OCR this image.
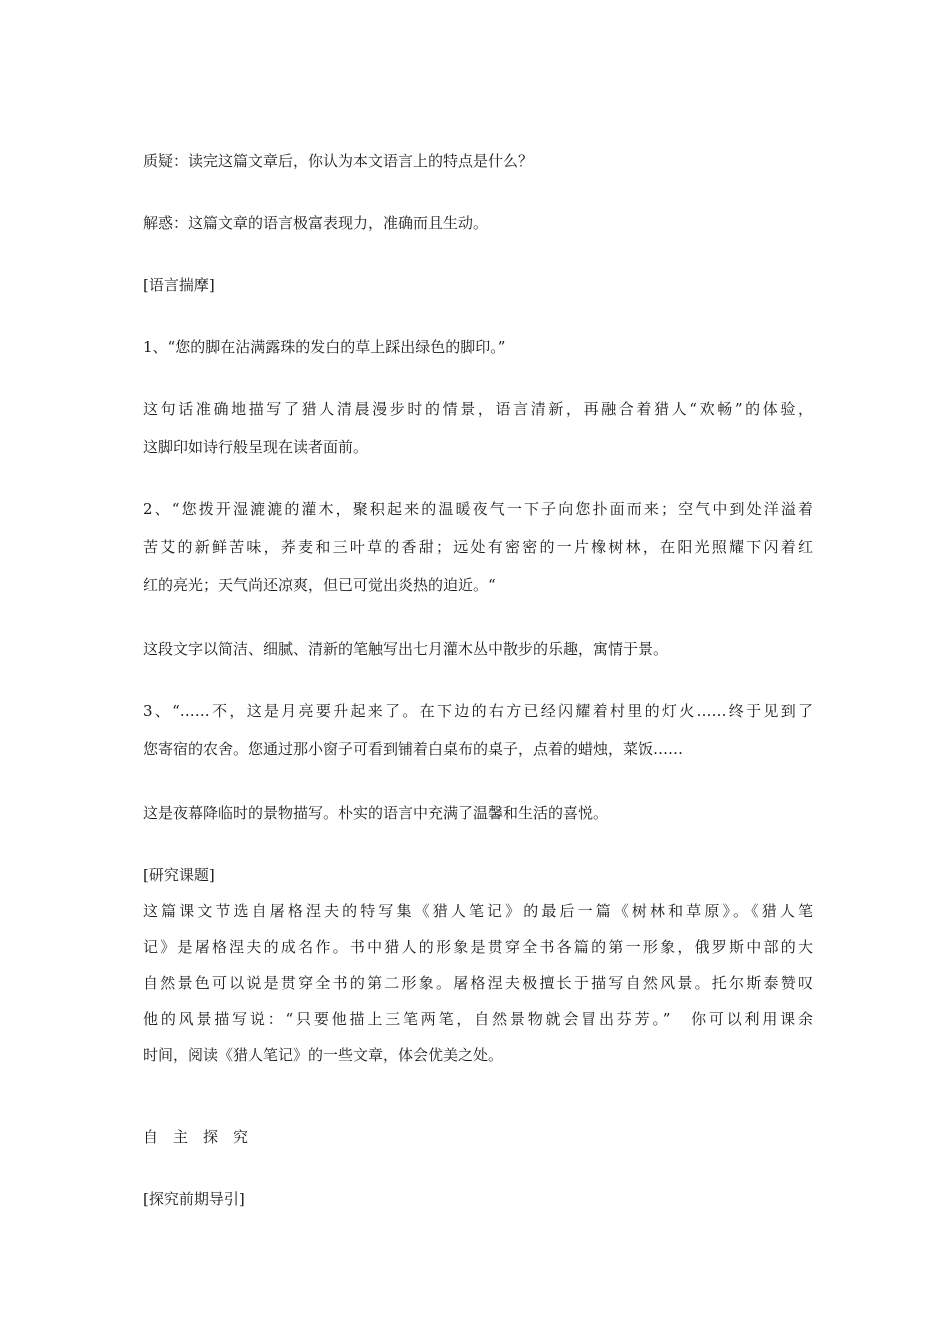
质疑：读完这篇文章后，你认为本文语言上的特点是什么？

解惑：这篇文章的语言极富表现力，准确而且生动。

[语言揣摩]

1、“您的脚在沾满露珠的发白的草上踩出绿色的脚印。”

这句话准确地描写了猎人清晨漫步时的情景，语言清新，再融合着猎人“欢畅”的体验，

这脚印如诗行般呈现在读者面前。

2、“您拨开湿漉漉的灌木，聚积起来的温暖夜气一下子向您扑面而来；空气中到处洋溢着

苦艾的新鲜苦味，荞麦和三叶草的香甜；远处有密密的一片橡树林，在阳光照耀下闪着红

红的亮光；天气尚还凉爽，但已可觉出炎热的迫近。“

这段文字以简洁、细腻、清新的笔触写出七月灌木丛中散步的乐趣，寓情于景。

3、“……不，这是月亮要升起来了。在下边的右方已经闪耀着村里的灯火……终于见到了

您寄宿的农舍。您通过那小窗子可看到铺着白桌布的桌子，点着的蜡烛，菜饭……

这是夜幕降临时的景物描写。朴实的语言中充满了温馨和生活的喜悦。

[研究课题]

这篇课文节选自屠格涅夫的特写集《猎人笔记》的最后一篇《树林和草原》。《猎人笔

记》是屠格涅夫的成名作。书中猎人的形象是贯穿全书各篇的第一形象，俄罗斯中部的大

自然景色可以说是贯穿全书的第二形象。屠格涅夫极擅长于描写自然风景。托尔斯泰赞叹

他的风景描写说：“只要他描上三笔两笔，自然景物就会冒出芬芳。”　你可以利用课余

时间，阅读《猎人笔记》的一些文章，体会优美之处。

自　主　探　究

[探究前期导引]
